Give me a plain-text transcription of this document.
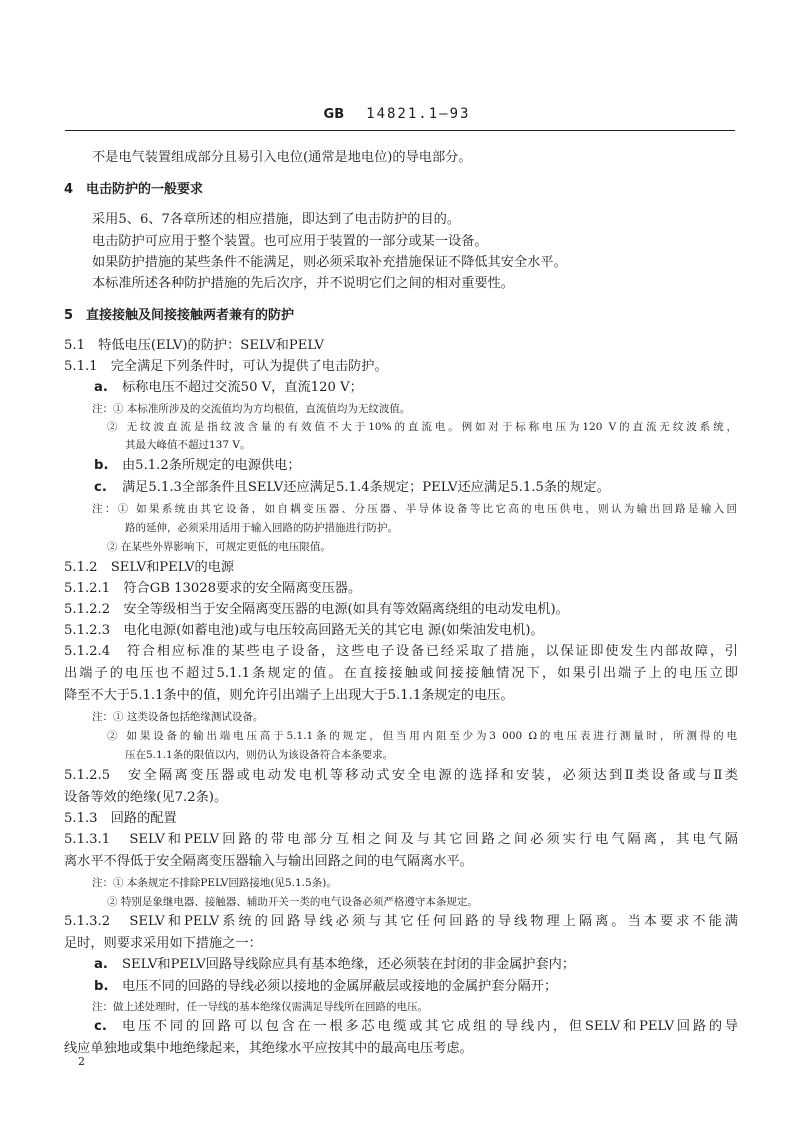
GB 14821.1—93
不是电气装置组成部分且易引入电位(通常是地电位)的导电部分。
4　电击防护的一般要求
采用5、6、7各章所述的相应措施，即达到了电击防护的目的。
电击防护可应用于整个装置。也可应用于装置的一部分或某一设备。
如果防护措施的某些条件不能满足，则必须采取补充措施保证不降低其安全水平。
本标准所述各种防护措施的先后次序，并不说明它们之间的相对重要性。
5　直接接触及间接接触两者兼有的防护
5.1　特低电压(ELV)的防护：SELV和PELV
5.1.1　完全满足下列条件时，可认为提供了电击防护。
a. 标称电压不超过交流50 V，直流120 V；
注：① 本标准所涉及的交流值均为方均根值，直流值均为无纹波值。
② 无纹波直流是指纹波含量的有效值不大于10%的直流电。例如对于标称电压为120 V的直流无纹波系统，
其最大峰值不超过137 V。
b. 由5.1.2条所规定的电源供电；
c. 满足5.1.3全部条件且SELV还应满足5.1.4条规定；PELV还应满足5.1.5条的规定。
注：① 如果系统由其它设备，如自耦变压器、分压器、半导体设备等比它高的电压供电，则认为输出回路是输入回
路的延伸，必须采用适用于输入回路的防护措施进行防护。
② 在某些外界影响下，可规定更低的电压限值。
5.1.2　SELV和PELV的电源
5.1.2.1　符合GB 13028要求的安全隔离变压器。
5.1.2.2　安全等级相当于安全隔离变压器的电源(如具有等效隔离绕组的电动发电机)。
5.1.2.3　电化电源(如蓄电池)或与电压较高回路无关的其它电 源(如柴油发电机)。
5.1.2.4　符合相应标准的某些电子设备，这些电子设备已经采取了措施，以保证即使发生内部故障，引
出端子的电压也不超过5.1.1条规定的值。在直接接触或间接接触情况下，如果引出端子上的电压立即
降至不大于5.1.1条中的值，则允许引出端子上出现大于5.1.1条规定的电压。
注：① 这类设备包括绝缘测试设备。
② 如果设备的输出端电压高于5.1.1条的规定，但当用内阻至少为3 000 Ω的电压表进行测量时，所测得的电
压在5.1.1条的限值以内，则仍认为该设备符合本条要求。
5.1.2.5　安全隔离变压器或电动发电机等移动式安全电源的选择和安装，必须达到Ⅱ类设备或与Ⅱ类
设备等效的绝缘(见7.2条)。
5.1.3　回路的配置
5.1.3.1　SELV和PELV回路的带电部分互相之间及与其它回路之间必须实行电气隔离，其电气隔
离水平不得低于安全隔离变压器输入与输出回路之间的电气隔离水平。
注：① 本条规定不排除PELV回路接地(见5.1.5条)。
② 特别是象继电器、接触器、辅助开关一类的电气设备必须严格遵守本条规定。
5.1.3.2　SELV和PELV系统的回路导线必须与其它任何回路的导线物理上隔离。当本要求不能满
足时，则要求采用如下措施之一：
a. SELV和PELV回路导线除应具有基本绝缘，还必须装在封闭的非金属护套内；
b. 电压不同的回路的导线必须以接地的金属屏蔽层或接地的金属护套分隔开；
注：做上述处理时，任一导线的基本绝缘仅需满足导线所在回路的电压。
c. 电压不同的回路可以包含在一根多芯电缆或其它成组的导线内，但SELV和PELV回路的导
线应单独地或集中地绝缘起来，其绝缘水平应按其中的最高电压考虑。
2
